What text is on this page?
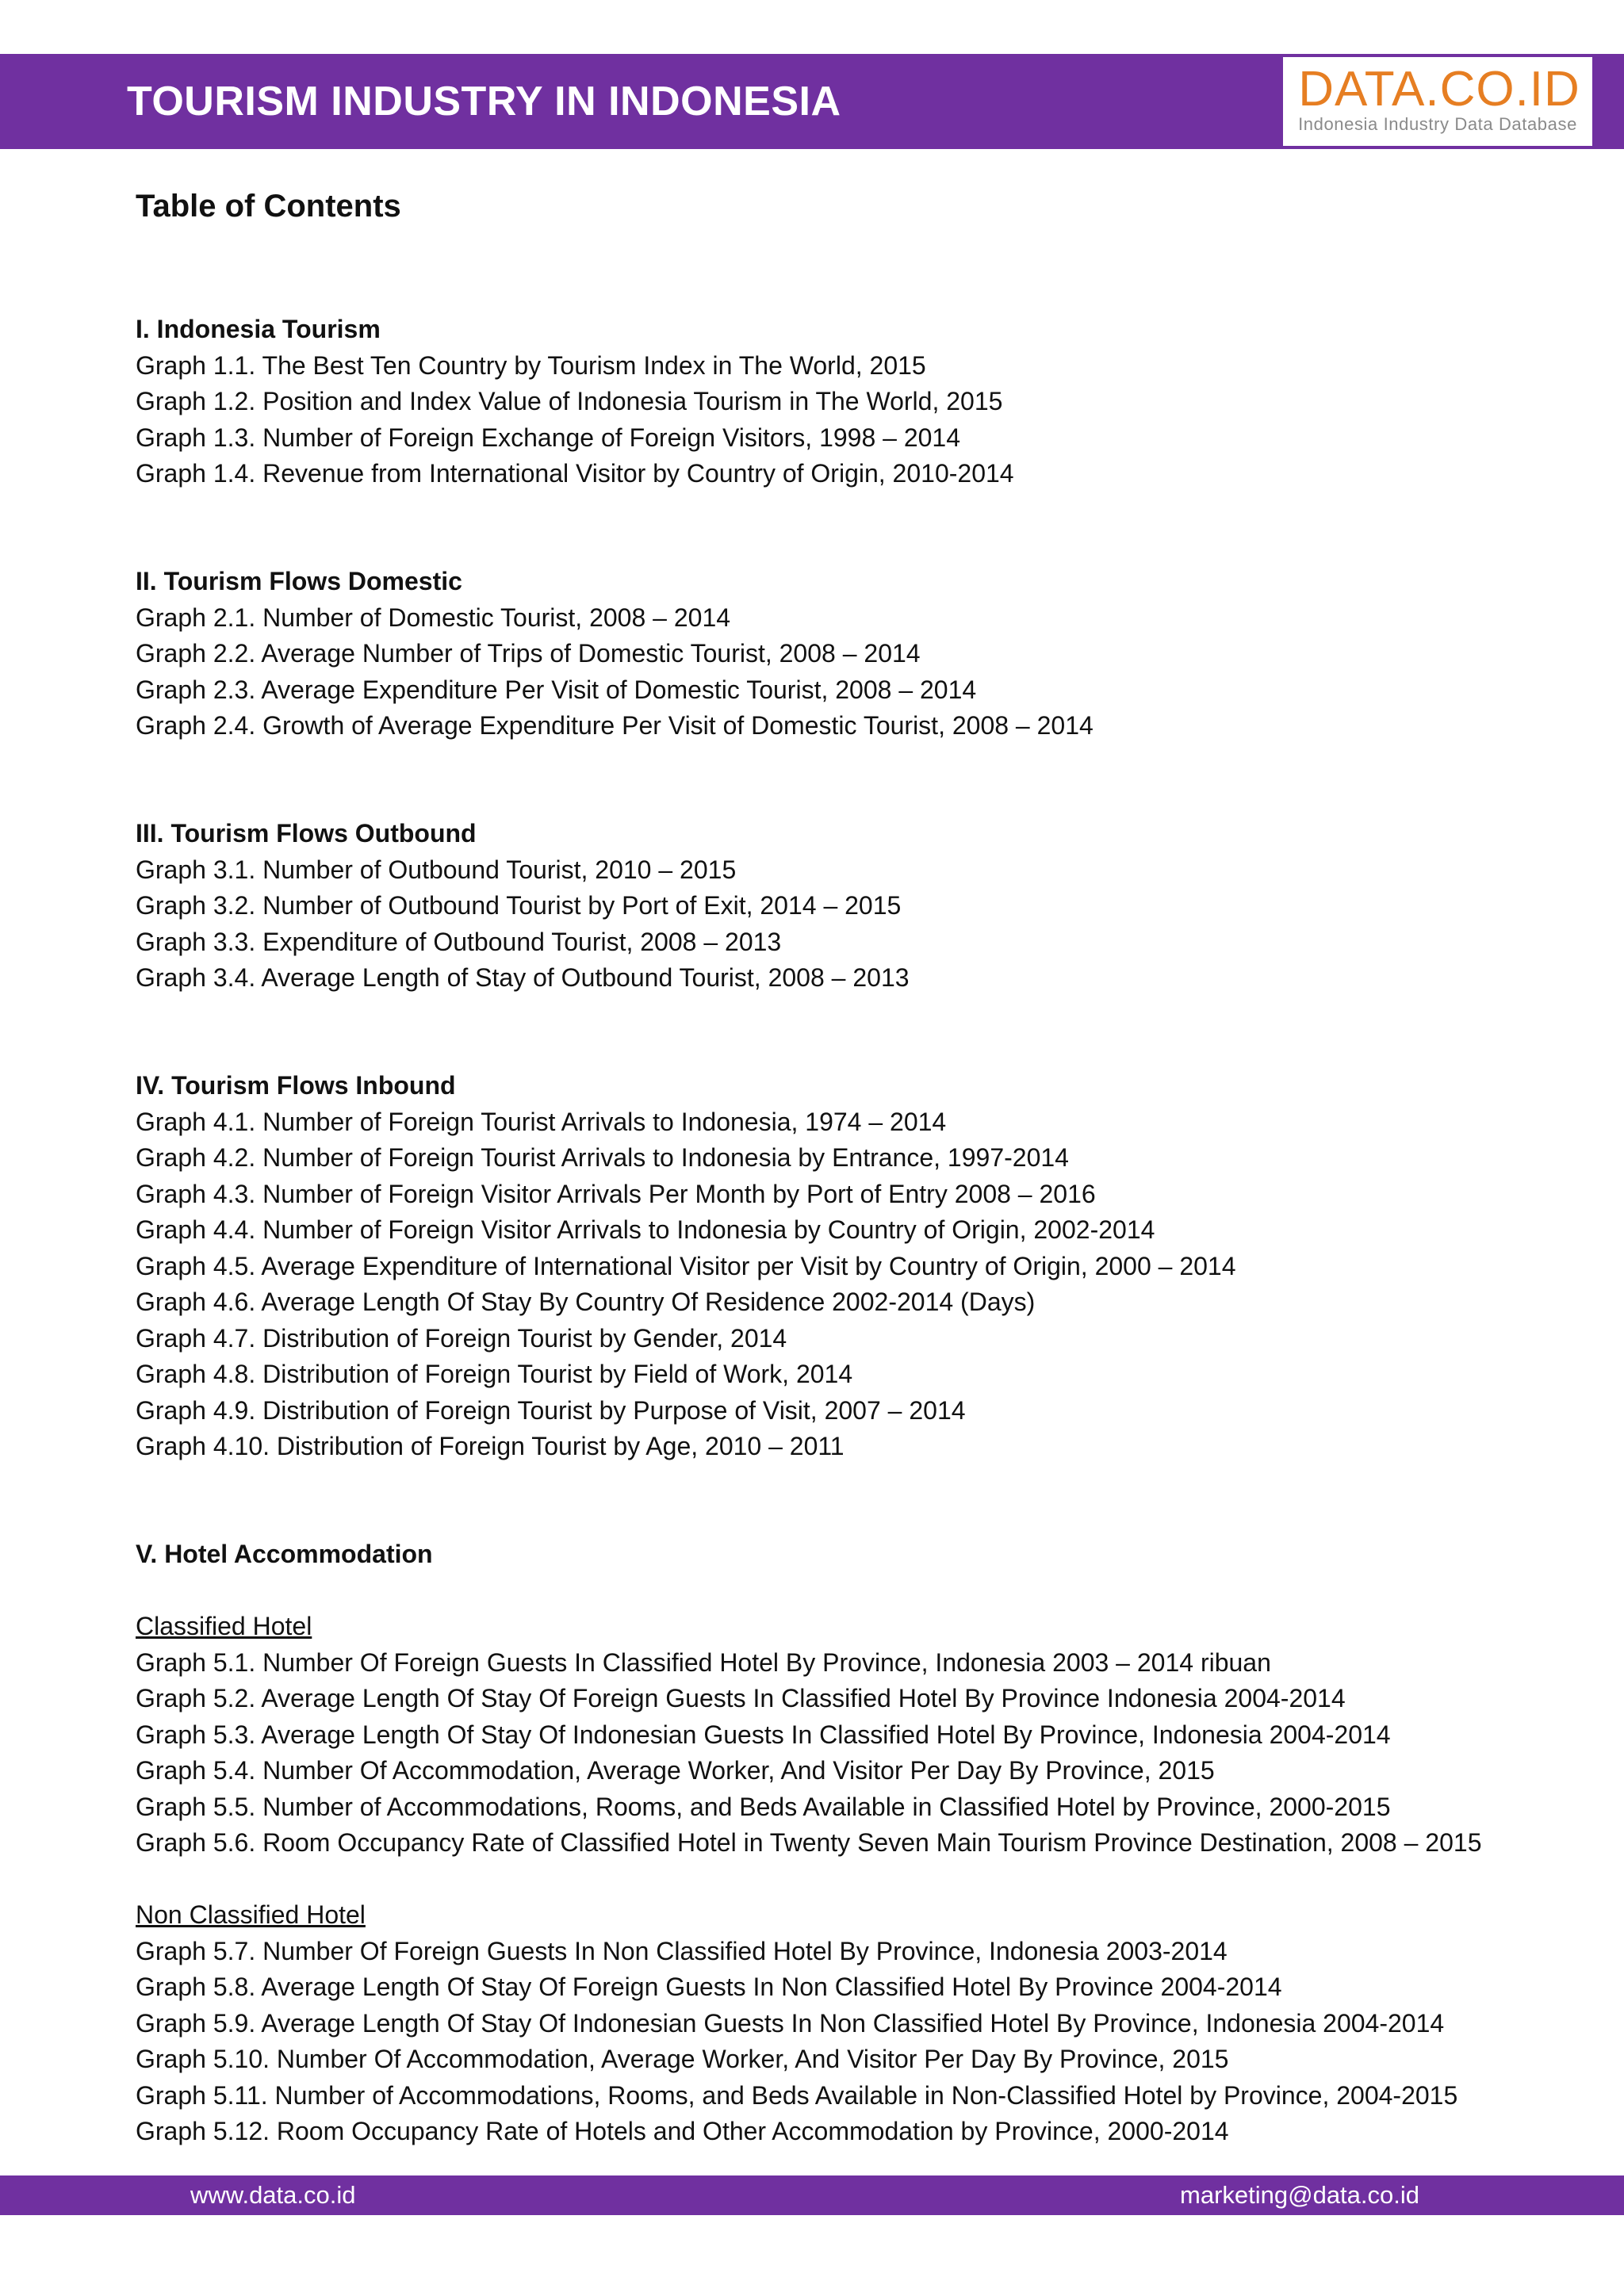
TOURISM INDUSTRY IN INDONESIA	DATA.CO.ID
Indonesia Industry Data Database
Table of Contents
I. Indonesia Tourism
Graph 1.1. The Best Ten Country by Tourism Index in The World, 2015
Graph 1.2. Position and Index Value of Indonesia Tourism in The World, 2015
Graph 1.3. Number of Foreign Exchange of Foreign Visitors, 1998 – 2014
Graph 1.4. Revenue from International Visitor by Country of Origin, 2010-2014
II. Tourism Flows Domestic
Graph 2.1. Number of Domestic Tourist, 2008 – 2014
Graph 2.2. Average Number of Trips of Domestic Tourist, 2008 – 2014
Graph 2.3. Average Expenditure Per Visit of Domestic Tourist, 2008 – 2014
Graph 2.4. Growth of Average Expenditure Per Visit of Domestic Tourist, 2008 – 2014
III. Tourism Flows Outbound
Graph 3.1. Number of Outbound Tourist, 2010 – 2015
Graph 3.2. Number of Outbound Tourist by Port of Exit, 2014 – 2015
Graph 3.3. Expenditure of Outbound Tourist, 2008 – 2013
Graph 3.4. Average Length of Stay of Outbound Tourist, 2008 – 2013
IV. Tourism Flows Inbound
Graph 4.1. Number of Foreign Tourist Arrivals to Indonesia, 1974 – 2014
Graph 4.2. Number of Foreign Tourist Arrivals to Indonesia by Entrance, 1997-2014
Graph 4.3. Number of Foreign Visitor Arrivals Per Month by Port of Entry 2008 – 2016
Graph 4.4. Number of Foreign Visitor Arrivals to Indonesia by Country of Origin, 2002-2014
Graph 4.5. Average Expenditure of International Visitor per Visit by Country of Origin, 2000 – 2014
Graph 4.6. Average Length Of Stay By Country Of Residence 2002-2014 (Days)
Graph 4.7. Distribution of Foreign Tourist by Gender, 2014
Graph 4.8. Distribution of Foreign Tourist by Field of Work, 2014
Graph 4.9. Distribution of Foreign Tourist by Purpose of Visit, 2007 – 2014
Graph 4.10. Distribution of Foreign Tourist by Age, 2010 – 2011
V. Hotel Accommodation
Classified Hotel
Graph 5.1. Number Of Foreign Guests In Classified Hotel By Province, Indonesia 2003 – 2014 ribuan
Graph 5.2. Average Length Of Stay Of Foreign Guests In Classified Hotel By Province Indonesia 2004-2014
Graph 5.3. Average Length Of Stay Of Indonesian Guests In Classified Hotel By Province, Indonesia 2004-2014
Graph 5.4. Number Of Accommodation, Average Worker, And Visitor Per Day By Province, 2015
Graph 5.5. Number of Accommodations, Rooms, and Beds Available in Classified Hotel by Province, 2000-2015
Graph 5.6. Room Occupancy Rate of Classified Hotel in Twenty Seven Main Tourism Province Destination, 2008 – 2015
Non Classified Hotel
Graph 5.7. Number Of Foreign Guests In Non Classified Hotel By Province, Indonesia 2003-2014
Graph 5.8. Average Length Of Stay Of Foreign Guests In Non Classified Hotel By Province 2004-2014
Graph 5.9. Average Length Of Stay Of Indonesian Guests In Non Classified Hotel By Province, Indonesia 2004-2014
Graph 5.10. Number Of Accommodation, Average Worker, And Visitor Per Day By Province, 2015
Graph 5.11. Number of Accommodations, Rooms, and Beds Available in Non-Classified Hotel by Province, 2004-2015
Graph 5.12. Room Occupancy Rate of Hotels and Other Accommodation by Province, 2000-2014
www.data.co.id	marketing@data.co.id
